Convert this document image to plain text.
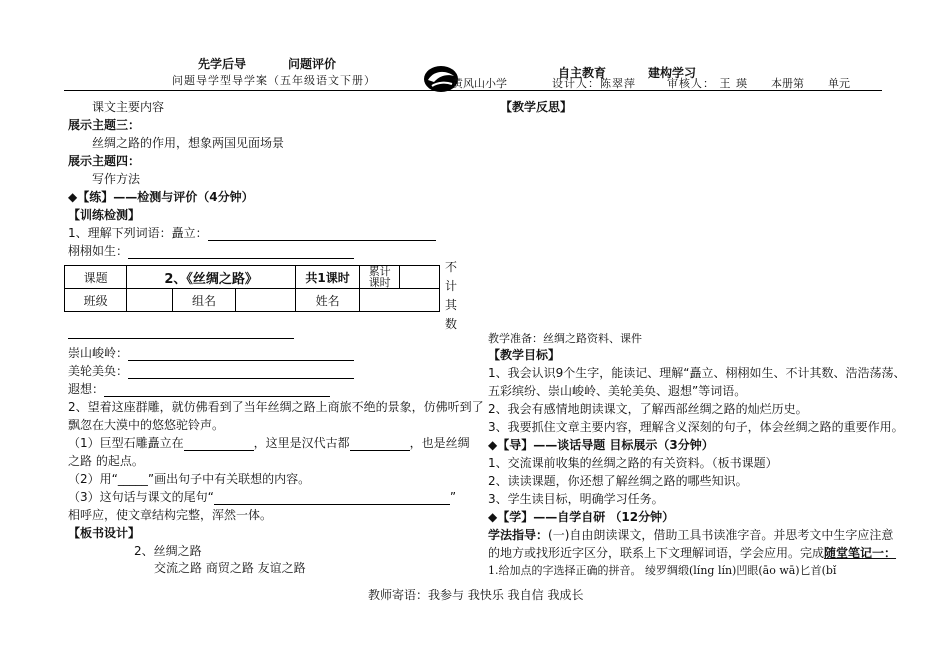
先学后导	问题评价
自主教育	建构学习
问题导学型导学案（五年级语文下册）	黄风山小学	设计人：陈翠萍	审核人： 王 瑛 本册第 单元
课文主要内容
展示主题三：
丝绸之路的作用，想象两国见面场景
展示主题四：
写作方法
◆【练】——检测与评价（4分钟）
【训练检测】
1、理解下列词语：矗立：
栩栩如生：
课题	2、《丝绸之路》			共1课时	累计
课时	
班级		组名		姓名		
不
计
其
数
崇山峻岭：
美轮美奂：
遐想：
2、望着这座群雕，就仿佛看到了当年丝绸之路上商旅不绝的景象，仿佛听到了
飘忽在大漠中的悠悠驼铃声。
（1）巨型石雕矗立在	，这里是汉代古都	，也是丝绸
之路 的起点。
（2）用“_____”画出句子中有关联想的内容。
（3）这句话与课文的尾句“	”
相呼应，使文章结构完整，浑然一体。
【板书设计】
2、丝绸之路
交流之路 商贸之路 友谊之路
【教学反思】
教学准备：丝绸之路资料、课件
【教学目标】
1、我会认识9个生字，能读记、理解“矗立、栩栩如生、不计其数、浩浩荡荡、
五彩缤纷、崇山峻岭、美轮美奂、遐想”等词语。
2、我会有感情地朗读课文，了解西部丝绸之路的灿烂历史。
3、我要抓住文章主要内容，理解含义深刻的句子，体会丝绸之路的重要作用。
◆【导】——谈话导题 目标展示（3分钟）
1、交流课前收集的丝绸之路的有关资料。（板书课题）
2、读读课题，你还想了解丝绸之路的哪些知识。
3、学生读目标，明确学习任务。
◆【学】——自学自研 （12分钟）
学法指导：(一)自由朗读课文，借助工具书读准字音。并思考文中生字应注意
的地方或找形近字区分，联系上下文理解词语，学会应用。完成随堂笔记一：
1.给加点的字选择正确的拼音。 绫罗绸缎(líng lín)凹眼(āo wā)匕首(bǐ
教师寄语：我参与 我快乐 我自信 我成长
